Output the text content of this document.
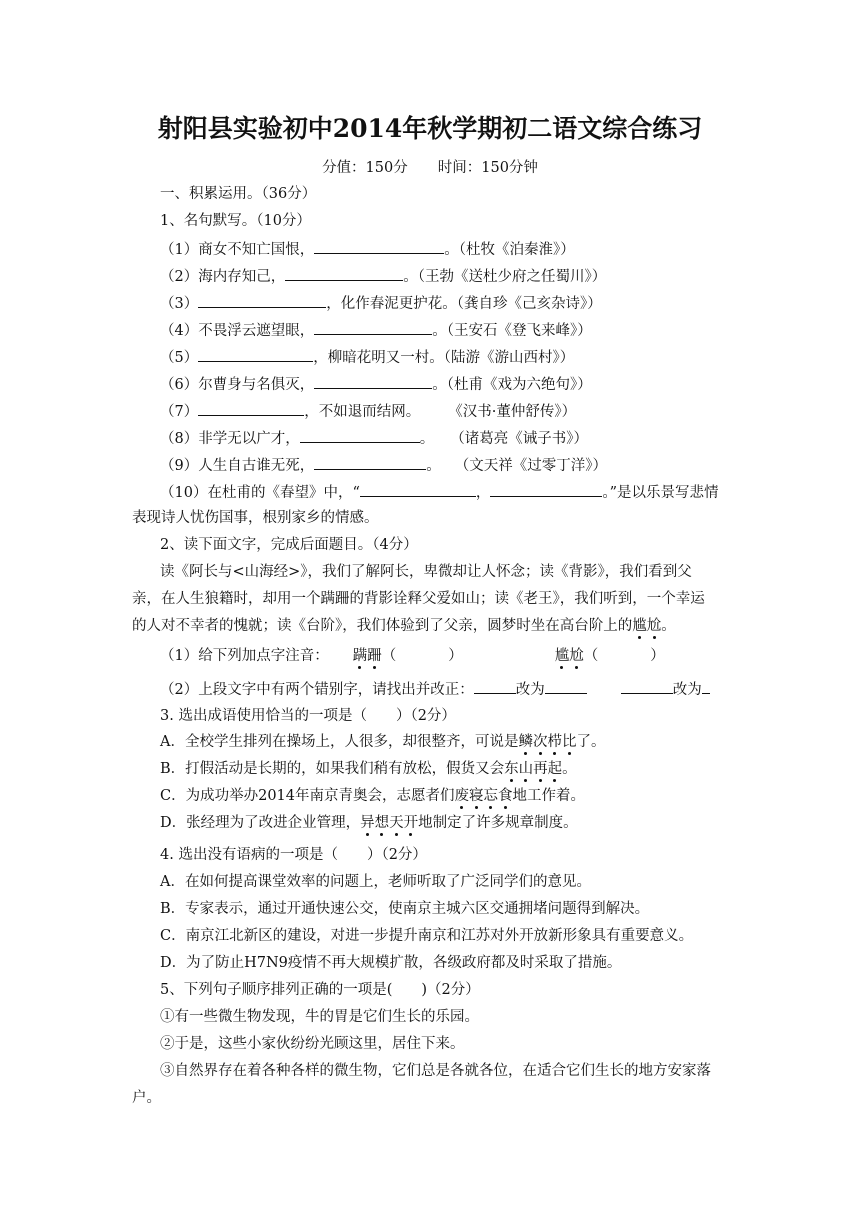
射阳县实验初中2014年秋学期初二语文综合练习
分值：150分 时间：150分钟
一、积累运用。（36分）
1、名句默写。（10分）
（1）商女不知亡国恨，	。（杜牧《泊秦淮》）
（2）海内存知己，	。（王勃《送杜少府之任蜀川》）
（3）	，化作春泥更护花。（龚自珍《己亥杂诗》）
（4）不畏浮云遮望眼，	。（王安石《登飞来峰》）
（5）	，柳暗花明又一村。（陆游《游山西村》）
（6）尔曹身与名俱灭，	。（杜甫《戏为六绝句》）
（7）	，不如退而结网。 《汉书·董仲舒传》）
（8）非学无以广才，	。 （诸葛亮《诫子书》）
（9）人生自古谁无死，	。 （文天祥《过零丁洋》）
（10）在杜甫的《春望》中，“	，	。”是以乐景写悲情
表现诗人忧伤国事，根别家乡的情感。
2、读下面文字，完成后面题目。（4分）
读《阿长与<山海经>》，我们了解阿长，卑微却让人怀念；读《背影》，我们看到父
亲，在人生狼籍时，却用一个蹒跚的背影诠释父爱如山；读《老王》，我们听到，一个幸运
的人对不幸者的愧就；读《台阶》，我们体验到了父亲，圆梦时坐在高台阶上的尴尬。
（1）给下列加点字注音： 蹒跚（	）	尴尬（	）
（2）上段文字中有两个错别字，请找出并改正：	改为	改为
3. 选出成语使用恰当的一项是（　　）（2分）
A．全校学生排列在操场上，人很多，却很整齐，可说是鳞次栉比了。
B．打假活动是长期的，如果我们稍有放松，假货又会东山再起。
C．为成功举办2014年南京青奥会，志愿者们废寝忘食地工作着。
D．张经理为了改进企业管理，异想天开地制定了许多规章制度。
4. 选出没有语病的一项是（　　）（2分）
A．在如何提高课堂效率的问题上，老师听取了广泛同学们的意见。
B．专家表示，通过开通快速公交，使南京主城六区交通拥堵问题得到解决。
C．南京江北新区的建设，对进一步提升南京和江苏对外开放新形象具有重要意义。
D．为了防止H7N9疫情不再大规模扩散，各级政府都及时采取了措施。
5、下列句子顺序排列正确的一项是(　　)（2分）
①有一些微生物发现，牛的胃是它们生长的乐园。
②于是，这些小家伙纷纷光顾这里，居住下来。
③自然界存在着各种各样的微生物，它们总是各就各位，在适合它们生长的地方安家落
户。
